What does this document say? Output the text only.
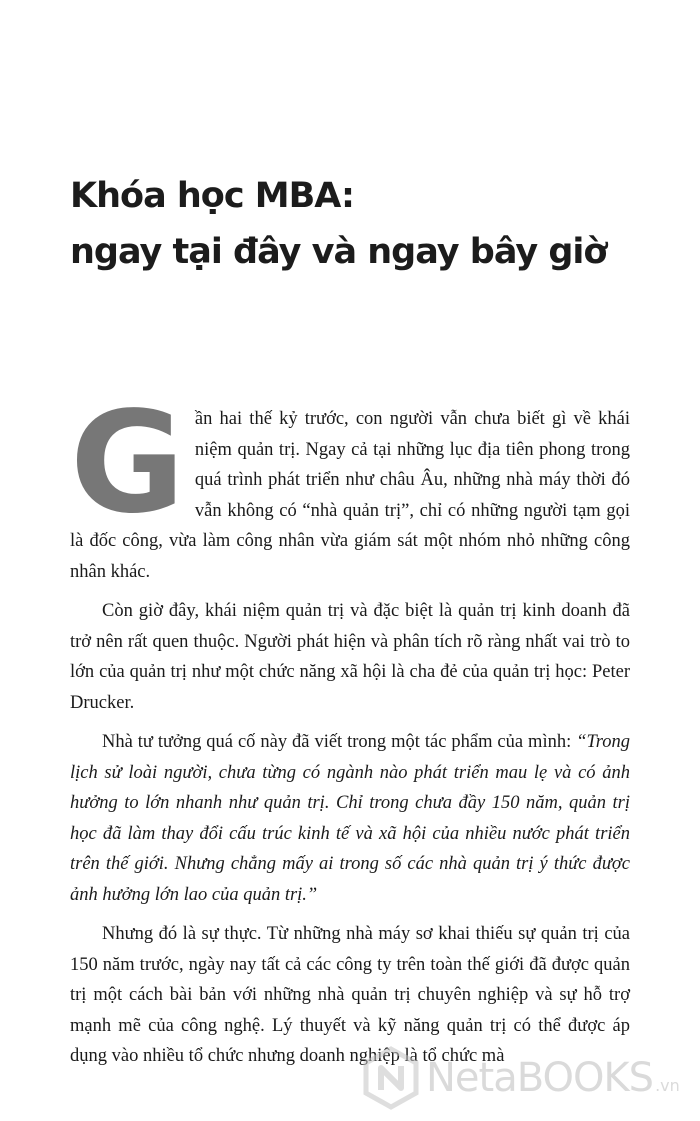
Khóa học MBA:
ngay tại đây và ngay bây giờ

Gần hai thế kỷ trước, con người vẫn chưa biết gì về khái niệm quản trị. Ngay cả tại những lục địa tiên phong trong quá trình phát triển như châu Âu, những nhà máy thời đó vẫn không có “nhà quản trị”, chỉ có những người tạm gọi là đốc công, vừa làm công nhân vừa giám sát một nhóm nhỏ những công nhân khác.

Còn giờ đây, khái niệm quản trị và đặc biệt là quản trị kinh doanh đã trở nên rất quen thuộc. Người phát hiện và phân tích rõ ràng nhất vai trò to lớn của quản trị như một chức năng xã hội là cha đẻ của quản trị học: Peter Drucker.

Nhà tư tưởng quá cố này đã viết trong một tác phẩm của mình: “Trong lịch sử loài người, chưa từng có ngành nào phát triển mau lẹ và có ảnh hưởng to lớn nhanh như quản trị. Chỉ trong chưa đầy 150 năm, quản trị học đã làm thay đổi cấu trúc kinh tế và xã hội của nhiều nước phát triển trên thế giới. Nhưng chẳng mấy ai trong số các nhà quản trị ý thức được ảnh hưởng lớn lao của quản trị.”

Nhưng đó là sự thực. Từ những nhà máy sơ khai thiếu sự quản trị của 150 năm trước, ngày nay tất cả các công ty trên toàn thế giới đã được quản trị một cách bài bản với những nhà quản trị chuyên nghiệp và sự hỗ trợ mạnh mẽ của công nghệ. Lý thuyết và kỹ năng quản trị có thể được áp dụng vào nhiều tổ chức nhưng doanh nghiệp là tổ chức mà

NetaBOOKS .vn
